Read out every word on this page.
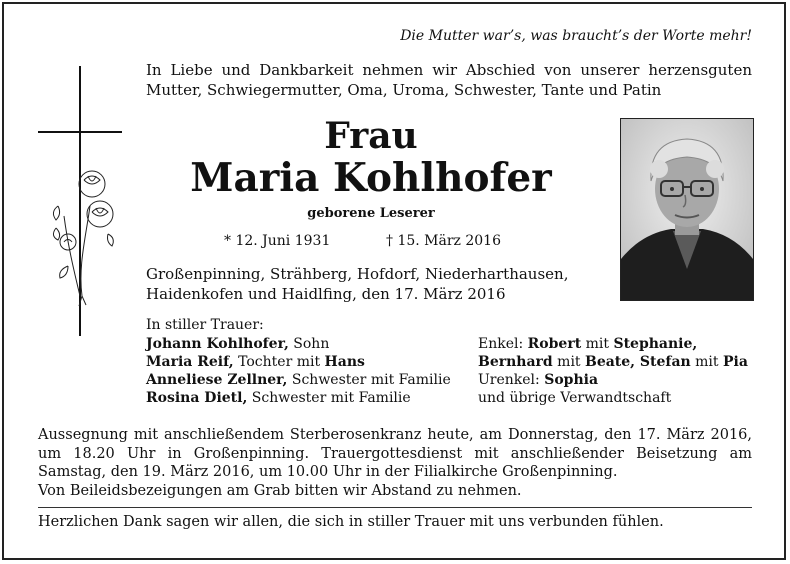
Die Mutter war’s, was braucht’s der Worte mehr!
In Liebe und Dankbarkeit nehmen wir Abschied von unserer herzensguten Mutter, Schwiegermutter, Oma, Uroma, Schwester, Tante und Patin
Frau
Maria Kohlhofer
geborene Leserer
* 12. Juni 1931	† 15. März 2016
Großenpinning, Strähberg, Hofdorf, Niederharthausen,
Haidenkofen und Haidlfing, den 17. März 2016
In stiller Trauer:
Johann Kohlhofer, Sohn
Maria Reif, Tochter mit Hans
Anneliese Zellner, Schwester mit Familie
Rosina Dietl, Schwester mit Familie
Enkel: Robert mit Stephanie,
Bernhard mit Beate, Stefan mit Pia
Urenkel: Sophia
und übrige Verwandtschaft
Aussegnung mit anschließendem Sterberosenkranz heute, am Donnerstag, den 17. März 2016, um 18.20 Uhr in Großenpinning. Trauergottesdienst mit anschließender Beisetzung am Samstag, den 19. März 2016, um 10.00 Uhr in der Filialkirche Großenpinning.
Von Beileidsbezeigungen am Grab bitten wir Abstand zu nehmen.
Herzlichen Dank sagen wir allen, die sich in stiller Trauer mit uns verbunden fühlen.
